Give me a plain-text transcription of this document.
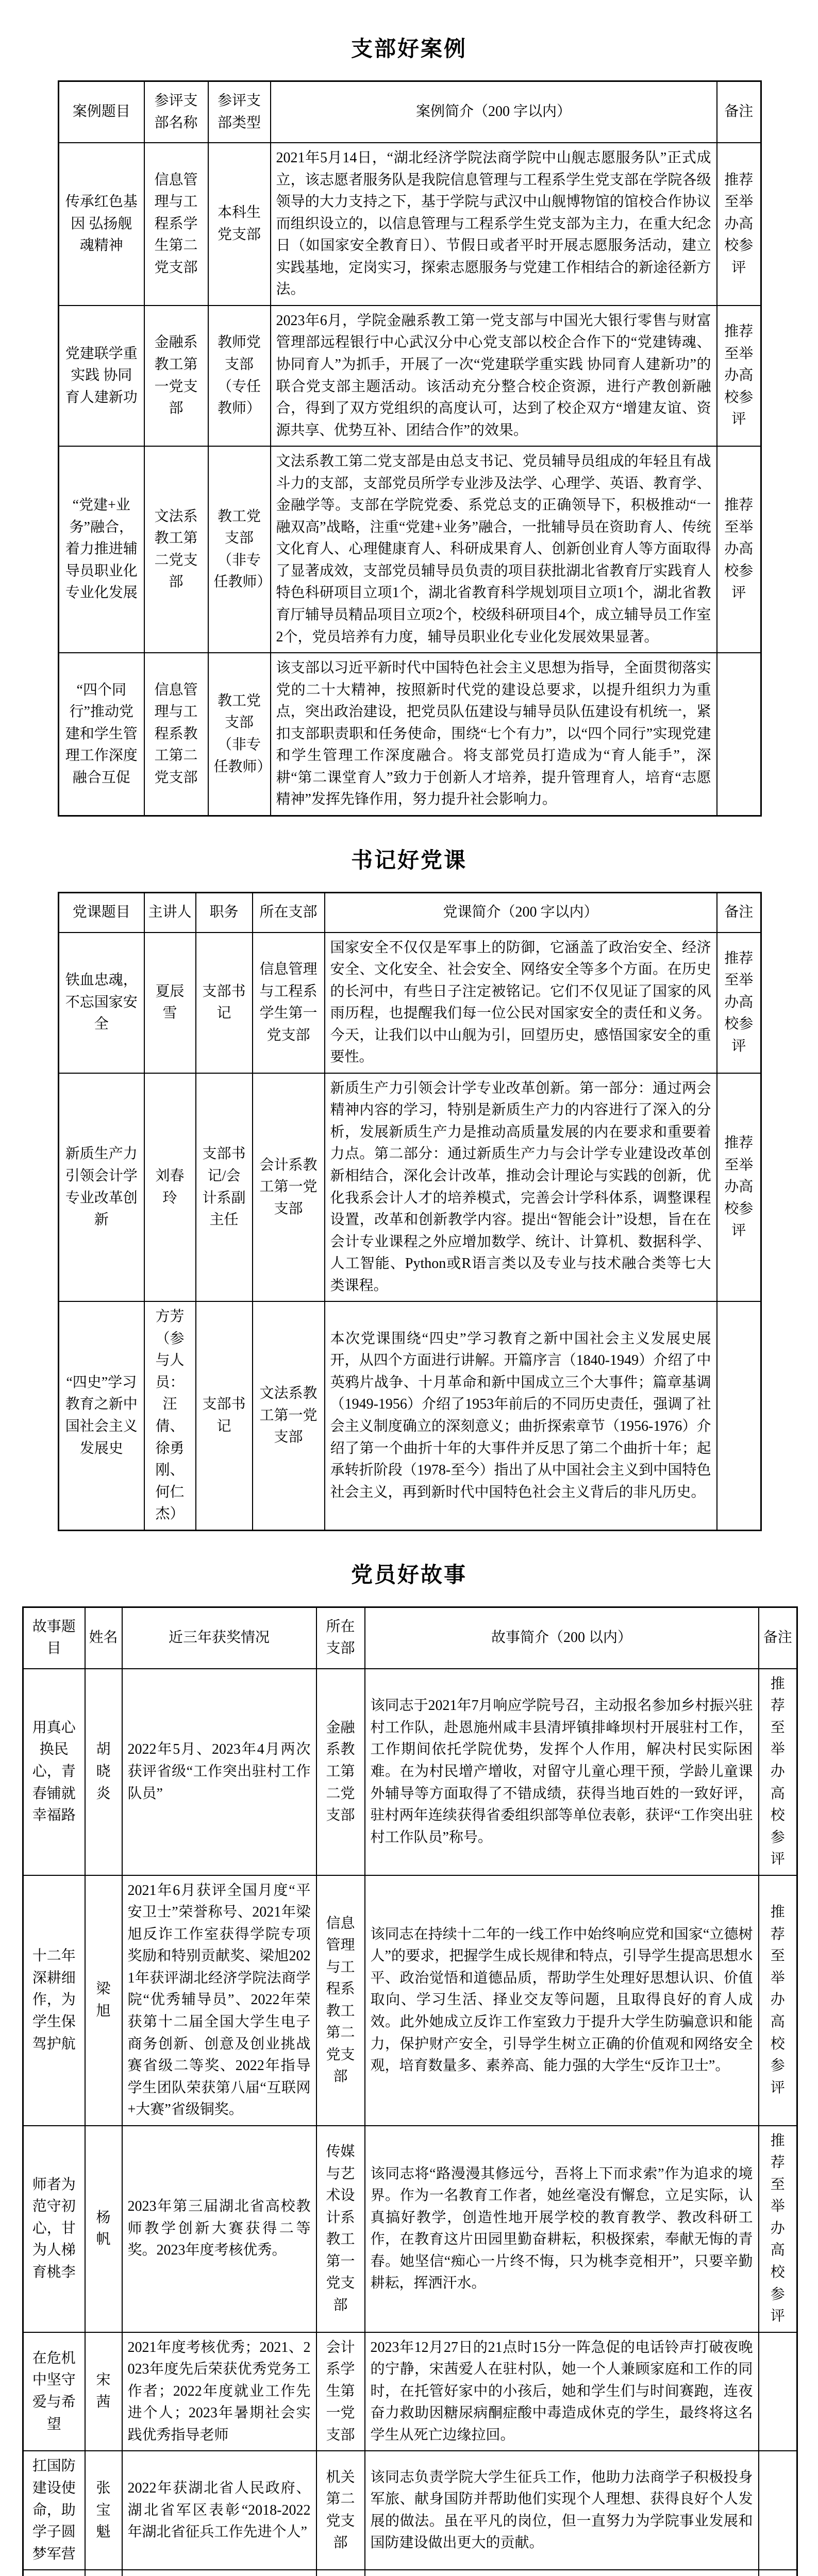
支部好案例
案例题目	参评支部名称	参评支部类型	案例简介（200 字以内）	备注
传承红色基因 弘扬舰魂精神	信息管理与工程系学生第二党支部	本科生党支部	2021年5月14日，“湖北经济学院法商学院中山舰志愿服务队”正式成立，该志愿者服务队是我院信息管理与工程系学生党支部在学院各级领导的大力支持之下，基于学院与武汉中山舰博物馆的馆校合作协议而组织设立的，以信息管理与工程系学生党支部为主力，在重大纪念日（如国家安全教育日）、节假日或者平时开展志愿服务活动，建立实践基地，定岗实习，探索志愿服务与党建工作相结合的新途径新方法。	推荐至举办高校参评
党建联学重实践 协同育人建新功	金融系教工第一党支部	教师党支部（专任教师）	2023年6月，学院金融系教工第一党支部与中国光大银行零售与财富管理部远程银行中心武汉分中心党支部以校企合作下的“党建铸魂、协同育人”为抓手，开展了一次“党建联学重实践 协同育人建新功”的联合党支部主题活动。该活动充分整合校企资源，进行产教创新融合，得到了双方党组织的高度认可，达到了校企双方“增建友谊、资源共享、优势互补、团结合作”的效果。	推荐至举办高校参评
“党建+业务”融合，着力推进辅导员职业化专业化发展	文法系教工第二党支部	教工党支部（非专任教师）	文法系教工第二党支部是由总支书记、党员辅导员组成的年轻且有战斗力的支部，支部党员所学专业涉及法学、心理学、英语、教育学、金融学等。支部在学院党委、系党总支的正确领导下，积极推动“一融双高”战略，注重“党建+业务”融合，一批辅导员在资助育人、传统文化育人、心理健康育人、科研成果育人、创新创业育人等方面取得了显著成效，支部党员辅导员负责的项目获批湖北省教育厅实践育人特色科研项目立项1个，湖北省教育科学规划项目立项1个，湖北省教育厅辅导员精品项目立项2个，校级科研项目4个，成立辅导员工作室2个，党员培养有力度，辅导员职业化专业化发展效果显著。	推荐至举办高校参评
“四个同行”推动党建和学生管理工作深度融合互促	信息管理与工程系教工第二党支部	教工党支部（非专任教师）	该支部以习近平新时代中国特色社会主义思想为指导，全面贯彻落实党的二十大精神，按照新时代党的建设总要求，以提升组织力为重点，突出政治建设，把党员队伍建设与辅导员队伍建设有机统一，紧扣支部职责职和任务使命，围绕“七个有力”，以“四个同行”实现党建和学生管理工作深度融合。将支部党员打造成为“育人能手”，深耕“第二课堂育人”致力于创新人才培养，提升管理育人，培育“志愿精神”发挥先锋作用，努力提升社会影响力。	
书记好党课
党课题目	主讲人	职务	所在支部	党课简介（200 字以内）	备注
铁血忠魂，不忘国家安全	夏辰雪	支部书记	信息管理与工程系学生第一党支部	国家安全不仅仅是军事上的防御，它涵盖了政治安全、经济安全、文化安全、社会安全、网络安全等多个方面。在历史的长河中，有些日子注定被铭记。它们不仅见证了国家的风雨历程，也提醒我们每一位公民对国家安全的责任和义务。今天，让我们以中山舰为引，回望历史，感悟国家安全的重要性。	推荐至举办高校参评
新质生产力引领会计学专业改革创新	刘春玲	支部书记/会计系副主任	会计系教工第一党支部	新质生产力引领会计学专业改革创新。第一部分：通过两会精神内容的学习，特别是新质生产力的内容进行了深入的分析，发展新质生产力是推动高质量发展的内在要求和重要着力点。第二部分：通过新质生产力与会计学专业建设改革创新相结合，深化会计改革，推动会计理论与实践的创新，优化我系会计人才的培养模式，完善会计学科体系，调整课程设置，改革和创新教学内容。提出“智能会计”设想，旨在在会计专业课程之外应增加数学、统计、计算机、数据科学、人工智能、Python或R语言类以及专业与技术融合类等七大类课程。	推荐至举办高校参评
“四史”学习教育之新中国社会主义发展史	方芳（参与人员：汪倩、徐勇刚、何仁杰）	支部书记	文法系教工第一党支部	本次党课围绕“四史”学习教育之新中国社会主义发展史展开，从四个方面进行讲解。开篇序言（1840-1949）介绍了中英鸦片战争、十月革命和新中国成立三个大事件；篇章基调（1949-1956）介绍了1953年前后的不同历史责任，强调了社会主义制度确立的深刻意义；曲折探索章节（1956-1976）介绍了第一个曲折十年的大事件并反思了第二个曲折十年；起承转折阶段（1978-至今）指出了从中国社会主义到中国特色社会主义，再到新时代中国特色社会主义背后的非凡历史。	
党员好故事
故事题目	姓名	近三年获奖情况	所在支部	故事简介（200 以内）	备注
用真心换民心，青春铺就幸福路	胡晓炎	2022年5月、2023年4月两次获评省级“工作突出驻村工作队员”	金融系教工第二党支部	该同志于2021年7月响应学院号召，主动报名参加乡村振兴驻村工作队，赴恩施州咸丰县清坪镇排峰坝村开展驻村工作，工作期间依托学院优势，发挥个人作用，解决村民实际困难。在为村民增产增收，对留守儿童心理干预，学龄儿童课外辅导等方面取得了不错成绩，获得当地百姓的一致好评，驻村两年连续获得省委组织部等单位表彰，获评“工作突出驻村工作队员”称号。	推荐至举办高校参评
十二年深耕细作，为学生保驾护航	梁旭	2021年6月获评全国月度“平安卫士”荣誉称号、2021年梁旭反诈工作室获得学院专项奖励和特别贡献奖、梁旭2021年获评湖北经济学院法商学院“优秀辅导员”、2022年荣获第十二届全国大学生电子商务创新、创意及创业挑战赛省级二等奖、2022年指导学生团队荣获第八届“互联网+大赛”省级铜奖。	信息管理与工程系教工第二党支部	该同志在持续十二年的一线工作中始终响应党和国家“立德树人”的要求，把握学生成长规律和特点，引导学生提高思想水平、政治觉悟和道德品质，帮助学生处理好思想认识、价值取向、学习生活、择业交友等问题，且取得良好的育人成效。此外她成立反诈工作室致力于提升大学生防骗意识和能力，保护财产安全，引导学生树立正确的价值观和网络安全观，培育数量多、素养高、能力强的大学生“反诈卫士”。	推荐至举办高校参评
师者为范守初心，甘为人梯育桃李	杨帆	2023年第三届湖北省高校教师教学创新大赛获得二等奖。2023年度考核优秀。	传媒与艺术设计系教工第一党支部	该同志将“路漫漫其修远兮，吾将上下而求索”作为追求的境界。作为一名教育工作者，她丝毫没有懈怠，立足实际，认真搞好教学，创造性地开展学校的教育教学、教改科研工作，在教育这片田园里勤奋耕耘，积极探索，奉献无悔的青春。她坚信“痴心一片终不悔，只为桃李竞相开”，只要辛勤耕耘，挥洒汗水。	推荐至举办高校参评
在危机中坚守爱与希望	宋茜	2021年度考核优秀；2021、2023年度先后荣获优秀党务工作者；2022年度就业工作先进个人；2023年暑期社会实践优秀指导老师	会计系学生第一党支部	2023年12月27日的21点时15分一阵急促的电话铃声打破夜晚的宁静，宋茜爱人在驻村队，她一个人兼顾家庭和工作的同时，在托管好家中的小孩后，她和学生们与时间赛跑，连夜奋力救助因糖尿病酮症酸中毒造成休克的学生，最终将这名学生从死亡边缘拉回。	
扛国防建设使命，助学子圆梦军营	张宝魁	2022年获湖北省人民政府、湖北省军区表彰“2018-2022年湖北省征兵工作先进个人”	机关第二党支部	该同志负责学院大学生征兵工作，他助力法商学子积极投身军旅、献身国防并帮助他们实现个人理想、获得良好个人发展的做法。虽在平凡的岗位，但一直努力为学院事业发展和国防建设做出更大的贡献。	
